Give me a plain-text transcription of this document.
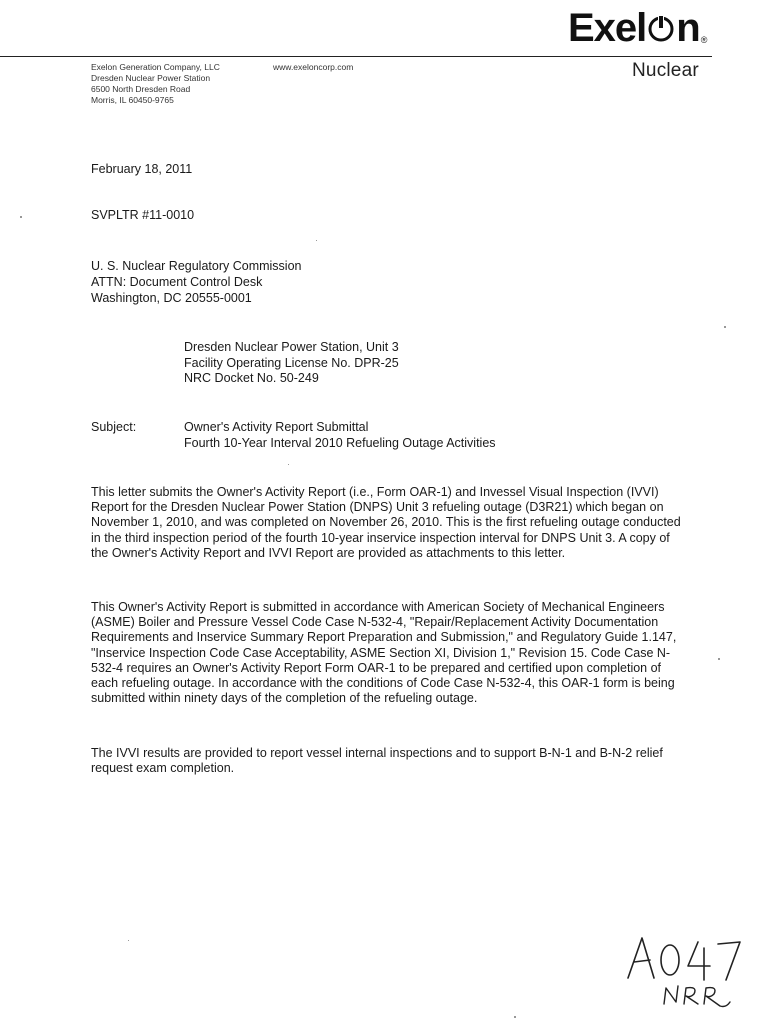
Exel n®
Nuclear
Exelon Generation Company, LLC
Dresden Nuclear Power Station
6500 North Dresden Road
Morris, IL 60450-9765
www.exeloncorp.com
February 18, 2011
SVPLTR #11-0010
U. S. Nuclear Regulatory Commission
ATTN: Document Control Desk
Washington, DC 20555-0001
Dresden Nuclear Power Station, Unit 3
Facility Operating License No. DPR-25
NRC Docket No. 50-249
Subject:	Owner's Activity Report Submittal
Fourth 10-Year Interval 2010 Refueling Outage Activities

This letter submits the Owner's Activity Report (i.e., Form OAR-1) and Invessel Visual Inspection (IVVI) Report for the Dresden Nuclear Power Station (DNPS) Unit 3 refueling outage (D3R21) which began on November 1, 2010, and was completed on November 26, 2010. This is the first refueling outage conducted in the third inspection period of the fourth 10-year inservice inspection interval for DNPS Unit 3. A copy of the Owner's Activity Report and IVVI Report are provided as attachments to this letter.

This Owner's Activity Report is submitted in accordance with American Society of Mechanical Engineers (ASME) Boiler and Pressure Vessel Code Case N-532-4, "Repair/Replacement Activity Documentation Requirements and Inservice Summary Report Preparation and Submission," and Regulatory Guide 1.147, "Inservice Inspection Code Case Acceptability, ASME Section XI, Division 1," Revision 15. Code Case N-532-4 requires an Owner's Activity Report Form OAR-1 to be prepared and certified upon completion of each refueling outage. In accordance with the conditions of Code Case N-532-4, this OAR-1 form is being submitted within ninety days of the completion of the refueling outage.

The IVVI results are provided to report vessel internal inspections and to support B-N-1 and B-N-2 relief request exam completion.
